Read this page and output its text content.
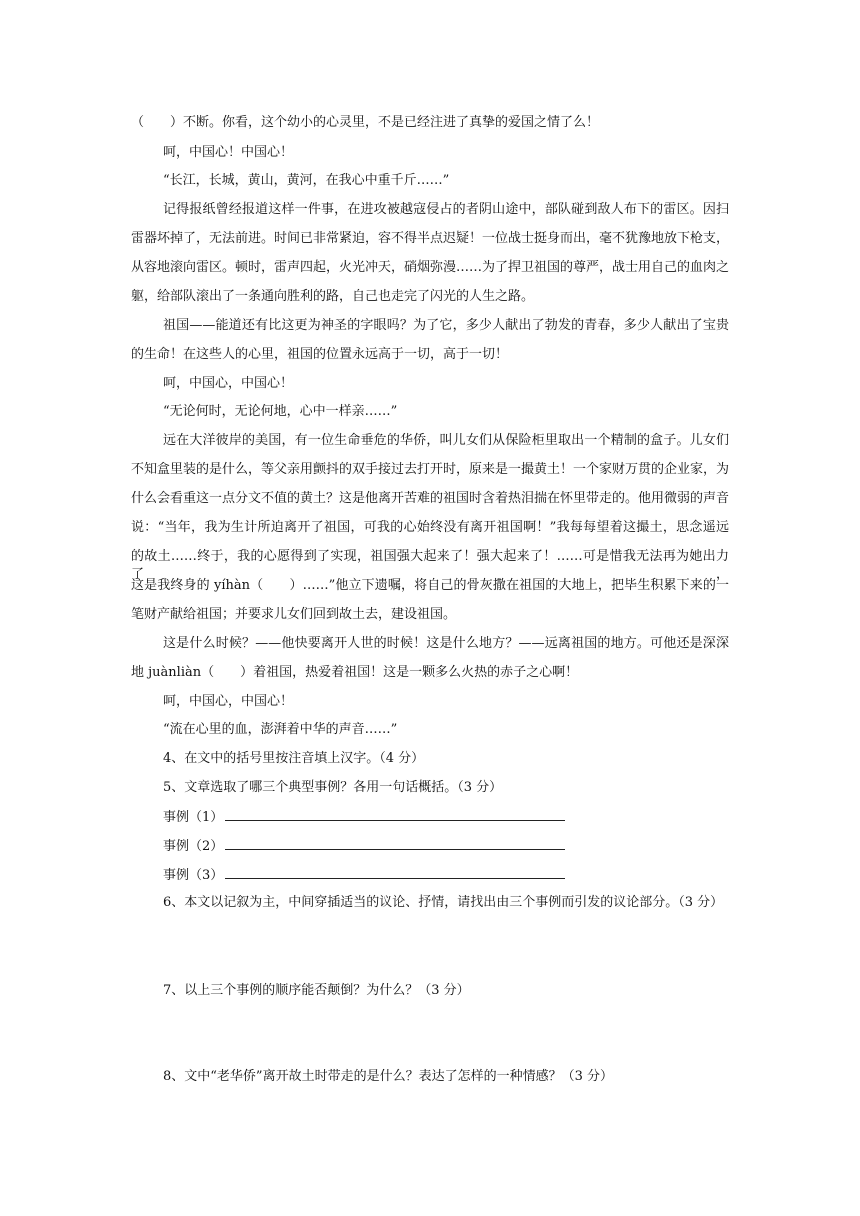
（　　）不断。你看，这个幼小的心灵里，不是已经注进了真挚的爱国之情了么！

呵，中国心！中国心！

“长江，长城，黄山，黄河，在我心中重千斤……”

记得报纸曾经报道这样一件事，在进攻被越寇侵占的者阴山途中，部队碰到敌人布下的雷区。因扫

雷器坏掉了，无法前进。时间已非常紧迫，容不得半点迟疑！一位战士挺身而出，毫不犹豫地放下枪支，

从容地滚向雷区。顿时，雷声四起，火光冲天，硝烟弥漫……为了捍卫祖国的尊严，战士用自己的血肉之

躯，给部队滚出了一条通向胜利的路，自己也走完了闪光的人生之路。

祖国——能道还有比这更为神圣的字眼吗？为了它，多少人献出了勃发的青春，多少人献出了宝贵

的生命！在这些人的心里，祖国的位置永远高于一切，高于一切！

呵，中国心，中国心！

“无论何时，无论何地，心中一样亲……”

远在大洋彼岸的美国，有一位生命垂危的华侨，叫儿女们从保险柜里取出一个精制的盒子。儿女们

不知盒里装的是什么，等父亲用颤抖的双手接过去打开时，原来是一撮黄土！一个家财万贯的企业家，为

什么会看重这一点分文不值的黄土？这是他离开苦难的祖国时含着热泪揣在怀里带走的。他用微弱的声音

说：“当年，我为生计所迫离开了祖国，可我的心始终没有离开祖国啊！”我每每望着这撮土，思念遥远

的故土……终于，我的心愿得到了实现，祖国强大起来了！强大起来了！……可是惜我无法再为她出力了，

这是我终身的 yíhàn（　　）……”他立下遗嘱，将自己的骨灰撒在祖国的大地上，把毕生积累下来的一

笔财产献给祖国；并要求儿女们回到故土去，建设祖国。

这是什么时候？——他快要离开人世的时候！这是什么地方？——远离祖国的地方。可他还是深深

地 juànliàn（　　）着祖国，热爱着祖国！这是一颗多么火热的赤子之心啊！

呵，中国心，中国心！

“流在心里的血，澎湃着中华的声音……”

4、在文中的括号里按注音填上汉字。（4 分）

5、文章选取了哪三个典型事例？各用一句话概括。（3 分）

事例（1）
事例（2）
事例（3）

6、本文以记叙为主，中间穿插适当的议论、抒情，请找出由三个事例而引发的议论部分。（3 分）

7、以上三个事例的顺序能否颠倒？为什么？（3 分）

8、文中“老华侨”离开故土时带走的是什么？表达了怎样的一种情感？（3 分）
